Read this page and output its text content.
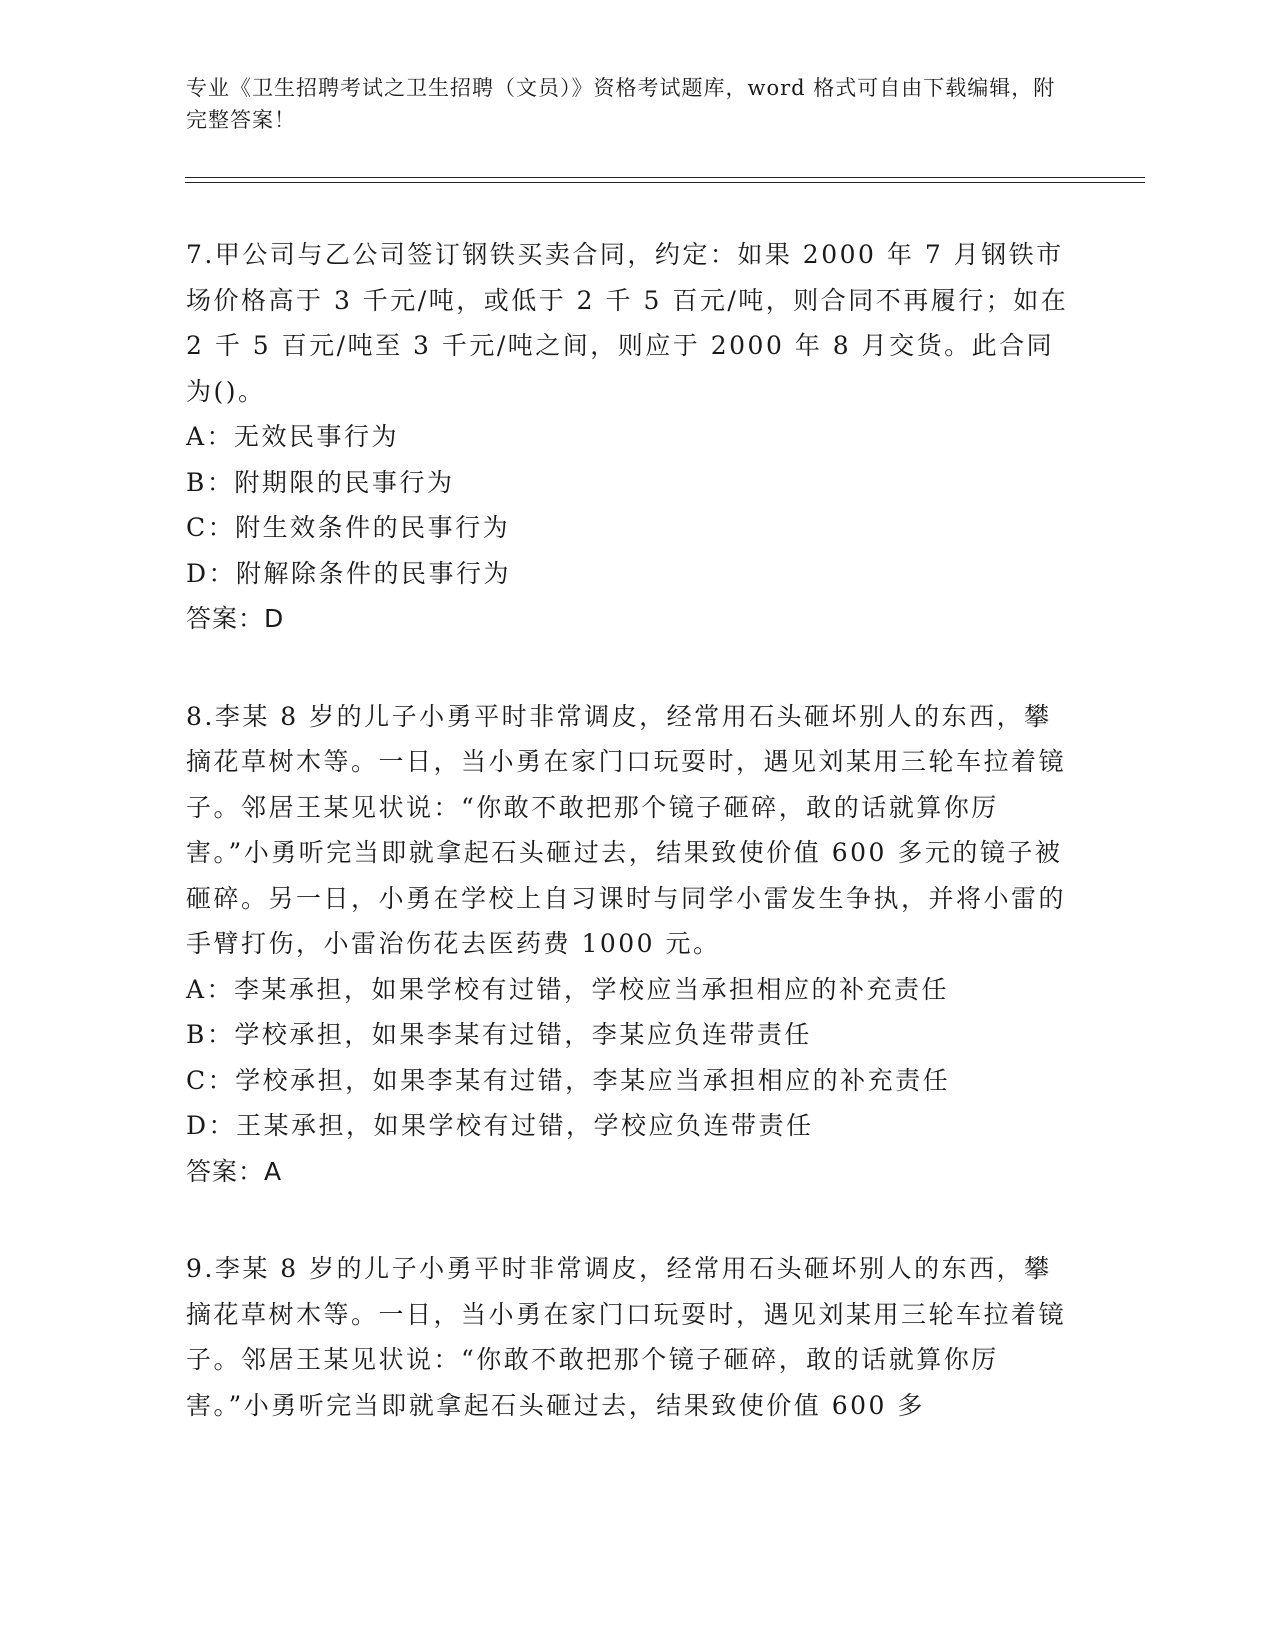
专业《卫生招聘考试之卫生招聘（文员）》资格考试题库，word 格式可自由下载编辑，附完整答案！
7.甲公司与乙公司签订钢铁买卖合同，约定：如果 2000 年 7 月钢铁市场价格高于 3 千元/吨，或低于 2 千 5 百元/吨，则合同不再履行；如在 2 千 5 百元/吨至 3 千元/吨之间，则应于 2000 年 8 月交货。此合同为()。
A：无效民事行为
B：附期限的民事行为
C：附生效条件的民事行为
D：附解除条件的民事行为
答案：D
8.李某 8 岁的儿子小勇平时非常调皮，经常用石头砸坏别人的东西，攀摘花草树木等。一日，当小勇在家门口玩耍时，遇见刘某用三轮车拉着镜子。邻居王某见状说：“你敢不敢把那个镜子砸碎，敢的话就算你厉害。”小勇听完当即就拿起石头砸过去，结果致使价值 600 多元的镜子被砸碎。另一日，小勇在学校上自习课时与同学小雷发生争执，并将小雷的手臂打伤，小雷治伤花去医药费 1000 元。
A：李某承担，如果学校有过错，学校应当承担相应的补充责任
B：学校承担，如果李某有过错，李某应负连带责任
C：学校承担，如果李某有过错，李某应当承担相应的补充责任
D：王某承担，如果学校有过错，学校应负连带责任
答案：A
9.李某 8 岁的儿子小勇平时非常调皮，经常用石头砸坏别人的东西，攀摘花草树木等。一日，当小勇在家门口玩耍时，遇见刘某用三轮车拉着镜子。邻居王某见状说：“你敢不敢把那个镜子砸碎，敢的话就算你厉害。”小勇听完当即就拿起石头砸过去，结果致使价值 600 多
